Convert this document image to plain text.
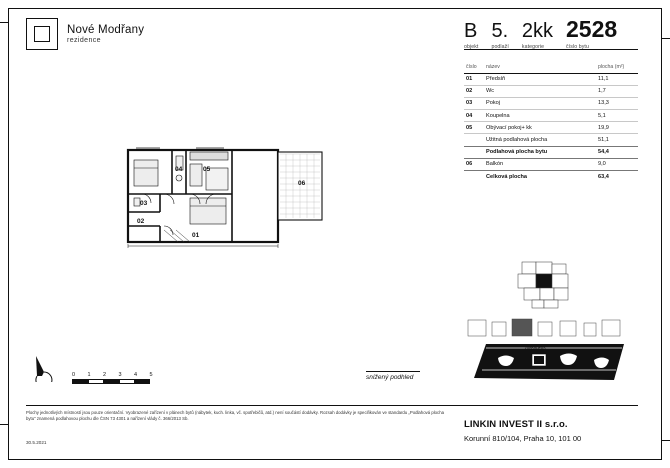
Nové Modřany
rezidence	B
objekt
5.
podlaží
2kk
kategorie
2528
číslo bytu
číslo	název	plocha (m²)
01	Předsíň	11,1
02	Wc	1,7
03	Pokoj	13,3
04	Koupelna	5,1
05	Obývací pokoj+ kk	19,9
	Užitná podlahová plocha	51,1
	Podlahová plocha bytu	54,4
06	Balkón	9,0
	Celková plocha	63,4
03
04	05
06
02
01
0	1	2	3	4	5	snížený podhled
Zlichovská
Plochy jednotlivých místností jsou pouze orientační. Vyobrazené zařízení v plánech bytů (nábytek, kuch. linka, vč. spotřebičů, atd.) není součástí dodávky. Rozsah dodávky je specifikován ve standardu „Podlahová plocha bytu" znamená podlahovou plochu dle ČSN 73 4301 a nařízení vlády č. 366/2013 Sb.
30.5.2021
LINKIN INVEST II s.r.o.
Korunní 810/104, Praha 10, 101 00
